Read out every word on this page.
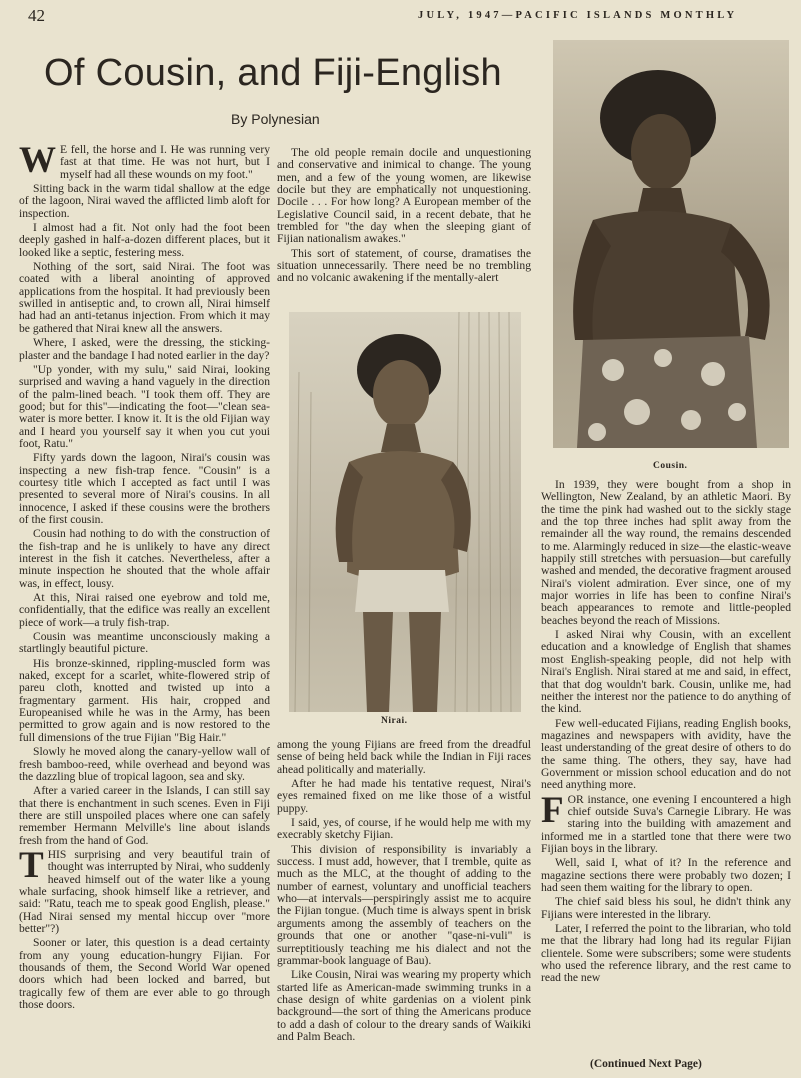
42	JULY, 1947—PACIFIC ISLANDS MONTHLY
Of Cousin, and Fiji-English
By Polynesian

W E fell, the horse and I. He was running very fast at that time. He was not hurt, but I myself had all these wounds on my foot."

Sitting back in the warm tidal shallow at the edge of the lagoon, Nirai waved the afflicted limb aloft for inspection.

I almost had a fit. Not only had the foot been deeply gashed in half-a-dozen different places, but it looked like a septic, festering mess.

Nothing of the sort, said Nirai. The foot was coated with a liberal anointing of approved applications from the hospital. It had previously been swilled in antiseptic and, to crown all, Nirai himself had had an anti-tetanus injection. From which it may be gathered that Nirai knew all the answers.

Where, I asked, were the dressing, the sticking-plaster and the bandage I had noted earlier in the day?

"Up yonder, with my sulu," said Nirai, looking surprised and waving a hand vaguely in the direction of the palm-lined beach. "I took them off. They are good; but for this"—indicating the foot—"clean sea-water is more better. I know it. It is the old Fijian way and I heard you yourself say it when you cut youi foot, Ratu."

Fifty yards down the lagoon, Nirai's cousin was inspecting a new fish-trap fence. "Cousin" is a courtesy title which I accepted as fact until I was presented to several more of Nirai's cousins. In all innocence, I asked if these cousins were the brothers of the first cousin.

Cousin had nothing to do with the construction of the fish-trap and he is unlikely to have any direct interest in the fish it catches. Nevertheless, after a minute inspection he shouted that the whole affair was, in effect, lousy.

At this, Nirai raised one eyebrow and told me, confidentially, that the edifice was really an excellent piece of work—a truly fish-trap.

Cousin was meantime unconsciously making a startlingly beautiful picture.

His bronze-skinned, rippling-muscled form was naked, except for a scarlet, white-flowered strip of pareu cloth, knotted and twisted up into a fragmentary garment. His hair, cropped and Europeanised while he was in the Army, has been permitted to grow again and is now restored to the full dimensions of the true Fijian "Big Hair."

Slowly he moved along the canary-yellow wall of fresh bamboo-reed, while overhead and beyond was the dazzling blue of tropical lagoon, sea and sky.

After a varied career in the Islands, I can still say that there is enchantment in such scenes. Even in Fiji there are still unspoiled places where one can safely remember Hermann Melville's line about islands fresh from the hand of God.

THIS surprising and very beautiful train of thought was interrupted by Nirai, who suddenly heaved himself out of the water like a young whale surfacing, shook himself like a retriever, and said: "Ratu, teach me to speak good English, please." (Had Nirai sensed my mental hiccup over "more better"?)

Sooner or later, this question is a dead certainty from any young education-hungry Fijian. For thousands of them, the Second World War opened doors which had been locked and barred, but tragically few of them are ever able to go through those doors.

The old people remain docile and unquestioning and conservative and inimical to change. The young men, and a few of the young women, are likewise docile but they are emphatically not unquestioning. Docile . . . For how long? A European member of the Legislative Council said, in a recent debate, that he trembled for "the day when the sleeping giant of Fijian nationalism awakes."

This sort of statement, of course, dramatises the situation unnecessarily. There need be no trembling and no volcanic awakening if the mentally-alert

Nirai.
Cousin.

among the young Fijians are freed from the dreadful sense of being held back while the Indian in Fiji races ahead politically and materially.

After he had made his tentative request, Nirai's eyes remained fixed on me like those of a wistful puppy.

I said, yes, of course, if he would help me with my execrably sketchy Fijian.

This division of responsibility is invariably a success. I must add, however, that I tremble, quite as much as the MLC, at the thought of adding to the number of earnest, voluntary and unofficial teachers who—at intervals—perspiringly assist me to acquire the Fijian tongue. (Much time is always spent in brisk arguments among the assembly of teachers on the grounds that one or another "qase-ni-vuli" is surreptitiously teaching me his dialect and not the grammar-book language of Bau).

Like Cousin, Nirai was wearing my property which started life as American-made swimming trunks in a chase design of white gardenias on a violent pink background—the sort of thing the Americans produce to add a dash of colour to the dreary sands of Waikiki and Palm Beach.

In 1939, they were bought from a shop in Wellington, New Zealand, by an athletic Maori. By the time the pink had washed out to the sickly stage and the top three inches had split away from the remainder all the way round, the remains descended to me. Alarmingly reduced in size—the elastic-weave happily still stretches with persuasion—but carefully washed and mended, the decorative fragment aroused Nirai's violent admiration. Ever since, one of my major worries in life has been to confine Nirai's beach appearances to remote and little-peopled beaches beyond the reach of Missions.

I asked Nirai why Cousin, with an excellent education and a knowledge of English that shames most English-speaking people, did not help with Nirai's English. Nirai stared at me and said, in effect, that that dog wouldn't bark. Cousin, unlike me, had neither the interest nor the patience to do anything of the kind.

Few well-educated Fijians, reading English books, magazines and newspapers with avidity, have the least understanding of the great desire of others to do the same thing. The others, they say, have had Government or mission school education and do not need anything more.

FOR instance, one evening I encountered a high chief outside Suva's Carnegie Library. He was staring into the building with amazement and informed me in a startled tone that there were two Fijian boys in the library.

Well, said I, what of it? In the reference and magazine sections there were probably two dozen; I had seen them waiting for the library to open.

The chief said bless his soul, he didn't think any Fijians were interested in the library.

Later, I referred the point to the librarian, who told me that the library had long had its regular Fijian clientele. Some were subscribers; some were students who used the reference library, and the rest came to read the new

(Continued Next Page)
